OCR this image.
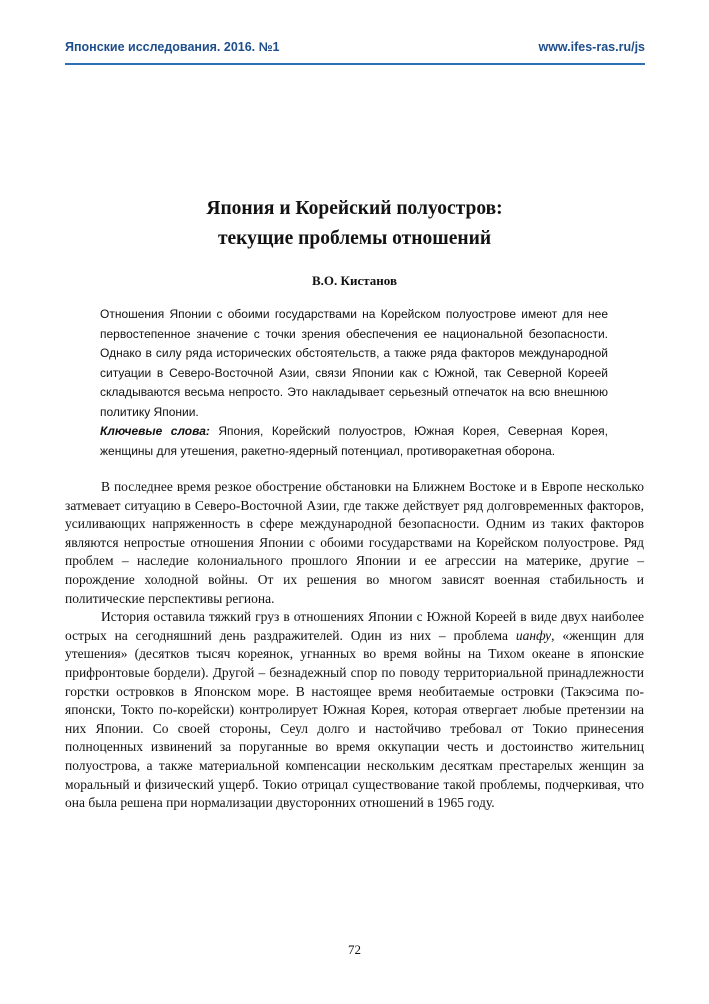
Японские исследования. 2016. №1	www.ifes-ras.ru/js
Япония и Корейский полуостров:
текущие проблемы отношений
В.О. Кистанов

Отношения Японии с обоими государствами на Корейском полуострове имеют для нее первостепенное значение с точки зрения обеспечения ее национальной безопасности. Однако в силу ряда исторических обстоятельств, а также ряда факторов международной ситуации в Северо-Восточной Азии, связи Японии как с Южной, так Северной Кореей складываются весьма непросто. Это накладывает серьезный отпечаток на всю внешнюю политику Японии.

Ключевые слова: Япония, Корейский полуостров, Южная Корея, Северная Корея, женщины для утешения, ракетно-ядерный потенциал, противоракетная оборона.

В последнее время резкое обострение обстановки на Ближнем Востоке и в Европе несколько затмевает ситуацию в Северо-Восточной Азии, где также действует ряд долговременных факторов, усиливающих напряженность в сфере международной безопасности. Одним из таких факторов являются непростые отношения Японии с обоими государствами на Корейском полуострове. Ряд проблем – наследие колониального прошлого Японии и ее агрессии на материке, другие – порождение холодной войны. От их решения во многом зависят военная стабильность и политические перспективы региона.

История оставила тяжкий груз в отношениях Японии с Южной Кореей в виде двух наиболее острых на сегодняшний день раздражителей. Один из них – проблема ианфу, «женщин для утешения» (десятков тысяч кореянок, угнанных во время войны на Тихом океане в японские прифронтовые бордели). Другой – безнадежный спор по поводу территориальной принадлежности горстки островков в Японском море. В настоящее время необитаемые островки (Такэсима по-японски, Токто по-корейски) контролирует Южная Корея, которая отвергает любые претензии на них Японии. Со своей стороны, Сеул долго и настойчиво требовал от Токио принесения полноценных извинений за поруганные во время оккупации честь и достоинство жительниц полуострова, а также материальной компенсации нескольким десяткам престарелых женщин за моральный и физический ущерб. Токио отрицал существование такой проблемы, подчеркивая, что она была решена при нормализации двусторонних отношений в 1965 году.

72
